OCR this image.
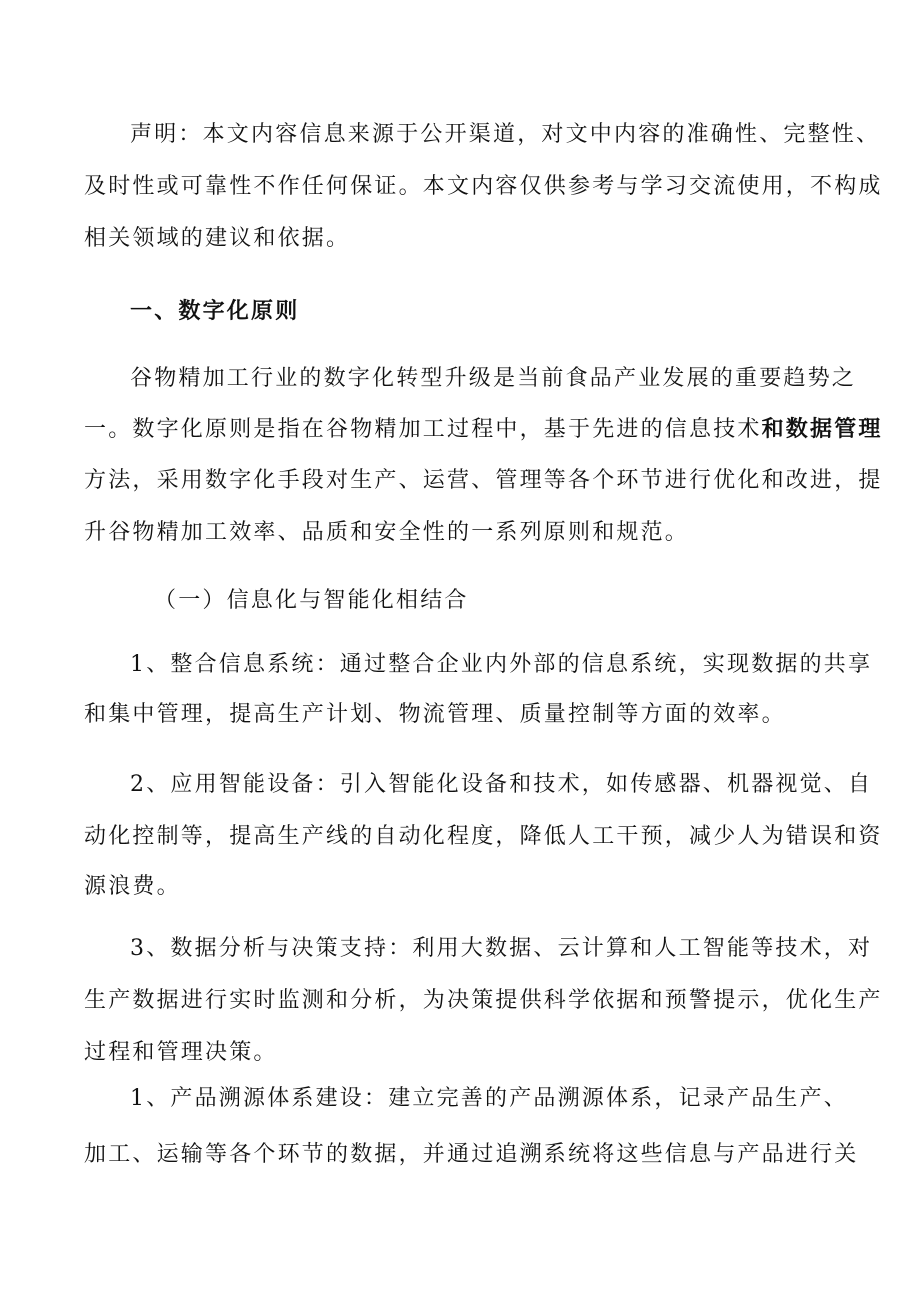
声明：本文内容信息来源于公开渠道，对文中内容的准确性、完整性、
及时性或可靠性不作任何保证。本文内容仅供参考与学习交流使用，不构成
相关领域的建议和依据。
一、数字化原则
谷物精加工行业的数字化转型升级是当前食品产业发展的重要趋势之
一。数字化原则是指在谷物精加工过程中，基于先进的信息技术和数据管理
方法，采用数字化手段对生产、运营、管理等各个环节进行优化和改进，提
升谷物精加工效率、品质和安全性的一系列原则和规范。
（一）信息化与智能化相结合
1、整合信息系统：通过整合企业内外部的信息系统，实现数据的共享
和集中管理，提高生产计划、物流管理、质量控制等方面的效率。
2、应用智能设备：引入智能化设备和技术，如传感器、机器视觉、自
动化控制等，提高生产线的自动化程度，降低人工干预，减少人为错误和资
源浪费。
3、数据分析与决策支持：利用大数据、云计算和人工智能等技术，对
生产数据进行实时监测和分析，为决策提供科学依据和预警提示，优化生产
过程和管理决策。
1、产品溯源体系建设：建立完善的产品溯源体系，记录产品生产、
加工、运输等各个环节的数据，并通过追溯系统将这些信息与产品进行关
